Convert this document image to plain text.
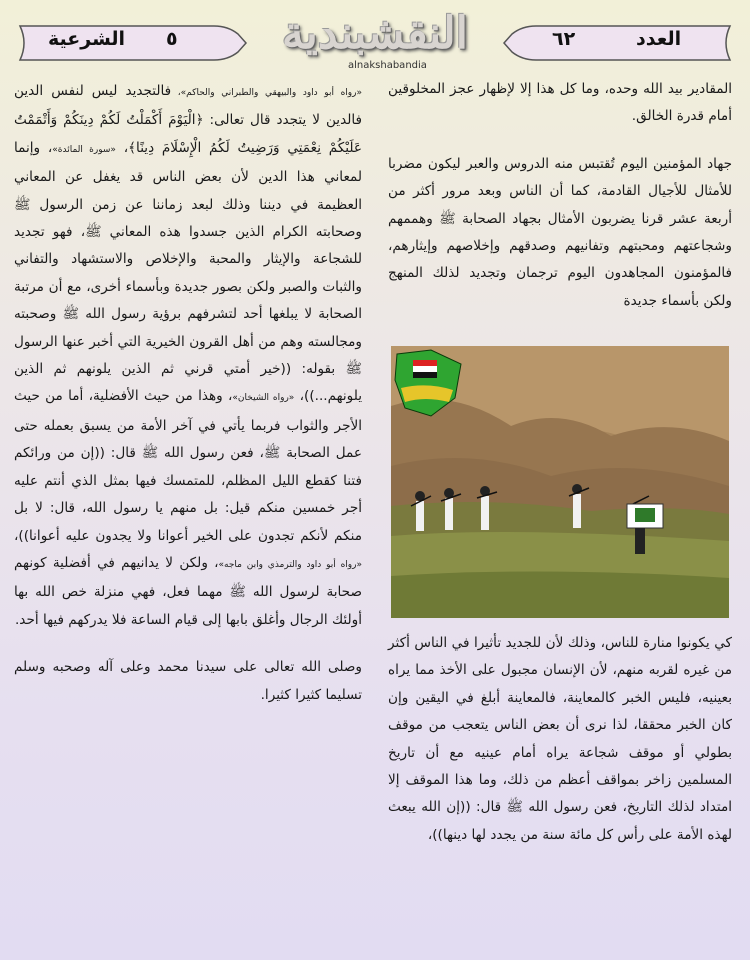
الشرعية ٥	النقشبندية
alnakshabandia
٦٢	العدد

«رواه أبو داود والبيهقي والطبراني والحاكم»، فالتجديد ليس لنفس الدين فالدين لا يتجدد قال تعالى: ﴿الْيَوْمَ أَكْمَلْتُ لَكُمْ دِينَكُمْ وَأَتْمَمْتُ عَلَيْكُمْ نِعْمَتِي وَرَضِيتُ لَكُمُ الْإِسْلَامَ دِينًا﴾، «سورة المائدة»، وإنما لمعاني هذا الدين لأن بعض الناس قد يغفل عن المعاني العظيمة في ديننا وذلك لبعد زماننا عن زمن الرسول ﷺ وصحابته الكرام الذين جسدوا هذه المعاني ﷺ، فهو تجديد للشجاعة والإيثار والمحبة والإخلاص والاستشهاد والتفاني والثبات والصبر ولكن بصور جديدة وبأسماء أخرى، مع أن مرتبة الصحابة لا يبلغها أحد لتشرفهم برؤية رسول الله ﷺ وصحبته ومجالسته وهم من أهل القرون الخيرية التي أخبر عنها الرسول ﷺ بقوله: ((خير أمتي قرني ثم الذين يلونهم ثم الذين يلونهم...))، «رواه الشيخان»، وهذا من حيث الأفضلية، أما من حيث الأجر والثواب فربما يأتي في آخر الأمة من يسبق بعمله حتى عمل الصحابة ﷺ، فعن رسول الله ﷺ قال: ((إن من ورائكم فتنا كقطع الليل المظلم، للمتمسك فيها بمثل الذي أنتم عليه أجر خمسين منكم قيل: بل منهم يا رسول الله، قال: لا بل منكم لأنكم تجدون على الخير أعوانا ولا يجدون عليه أعوانا))، «رواه أبو داود والترمذي وابن ماجه»، ولكن لا يدانيهم في أفضلية كونهم صحابة لرسول الله ﷺ مهما فعل، فهي منزلة خص الله بها أولئك الرجال وأغلق بابها إلى قيام الساعة فلا يدركهم فيها أحد.

وصلى الله تعالى على سيدنا محمد وعلى آله وصحبه وسلم تسليما كثيرا كثيرا.

المقادير بيد الله وحده، وما كل هذا إلا لإظهار عجز المخلوقين أمام قدرة الخالق.

جهاد المؤمنين اليوم تُقتبس منه الدروس والعبر ليكون مضربا للأمثال للأجيال القادمة، كما أن الناس وبعد مرور أكثر من أربعة عشر قرنا يضربون الأمثال بجهاد الصحابة ﷺ وهممهم وشجاعتهم ومحبتهم وتفانيهم وصدقهم وإخلاصهم وإيثارهم، فالمؤمنون المجاهدون اليوم ترجمان وتجديد لذلك المنهج ولكن بأسماء جديدة

كي يكونوا منارة للناس، وذلك لأن للجديد تأثيرا في الناس أكثر من غيره لقربه منهم، لأن الإنسان مجبول على الأخذ مما يراه بعينيه، فليس الخبر كالمعاينة، فالمعاينة أبلغ في اليقين وإن كان الخبر محققا، لذا نرى أن بعض الناس يتعجب من موقف بطولي أو موقف شجاعة يراه أمام عينيه مع أن تاريخ المسلمين زاخر بمواقف أعظم من ذلك، وما هذا الموقف إلا امتداد لذلك التاريخ، فعن رسول الله ﷺ قال: ((إن الله يبعث لهذه الأمة على رأس كل مائة سنة من يجدد لها دينها))،
